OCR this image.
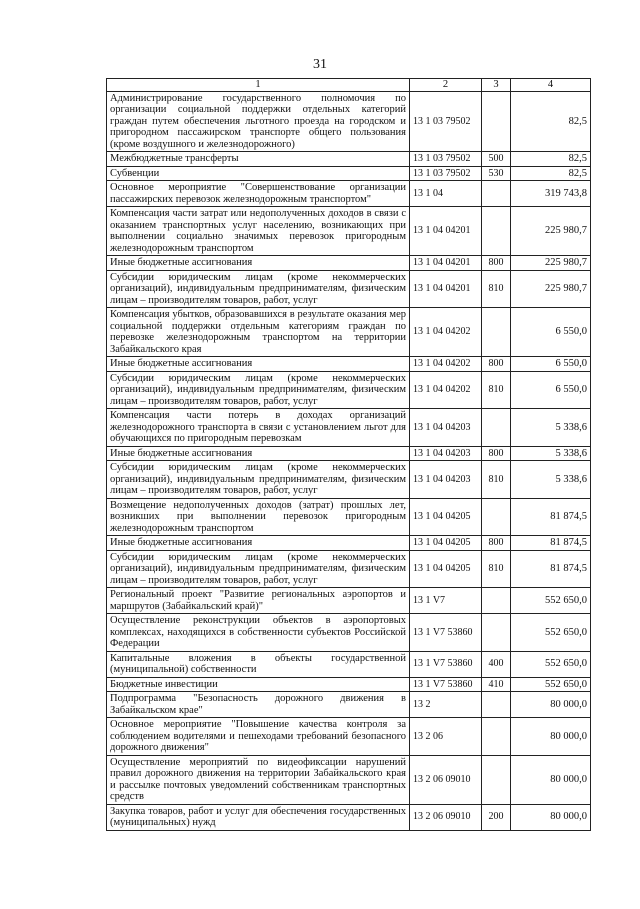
31
1	2	3	4
Администрирование государственного полномочия по организации социальной поддержки отдельных категорий граждан путем обеспечения льготного проезда на городском и пригородном пассажирском транспорте общего пользования (кроме воздушного и железнодорожного)	13 1 03 79502		82,5
Межбюджетные трансферты	13 1 03 79502	500	82,5
Субвенции	13 1 03 79502	530	82,5
Основное мероприятие "Совершенствование организации пассажирских перевозок железнодорожным транспортом"	13 1 04		319 743,8
Компенсация части затрат или недополученных доходов в связи с оказанием транспортных услуг населению, возникающих при выполнении социально значимых перевозок пригородным железнодорожным транспортом	13 1 04 04201		225 980,7
Иные бюджетные ассигнования	13 1 04 04201	800	225 980,7
Субсидии юридическим лицам (кроме некоммерческих организаций), индивидуальным предпринимателям, физическим лицам – производителям товаров, работ, услуг	13 1 04 04201	810	225 980,7
Компенсация убытков, образовавшихся в результате оказания мер социальной поддержки отдельным категориям граждан по перевозке железнодорожным транспортом на территории Забайкальского края	13 1 04 04202		6 550,0
Иные бюджетные ассигнования	13 1 04 04202	800	6 550,0
Субсидии юридическим лицам (кроме некоммерческих организаций), индивидуальным предпринимателям, физическим лицам – производителям товаров, работ, услуг	13 1 04 04202	810	6 550,0
Компенсация части потерь в доходах организаций железнодорожного транспорта в связи с установлением льгот для обучающихся по пригородным перевозкам	13 1 04 04203		5 338,6
Иные бюджетные ассигнования	13 1 04 04203	800	5 338,6
Субсидии юридическим лицам (кроме некоммерческих организаций), индивидуальным предпринимателям, физическим лицам – производителям товаров, работ, услуг	13 1 04 04203	810	5 338,6
Возмещение недополученных доходов (затрат) прошлых лет, возникших при выполнении перевозок пригородным железнодорожным транспортом	13 1 04 04205		81 874,5
Иные бюджетные ассигнования	13 1 04 04205	800	81 874,5
Субсидии юридическим лицам (кроме некоммерческих организаций), индивидуальным предпринимателям, физическим лицам – производителям товаров, работ, услуг	13 1 04 04205	810	81 874,5
Региональный проект "Развитие региональных аэропортов и маршрутов (Забайкальский край)"	13 1 V7		552 650,0
Осуществление реконструкции объектов в аэропортовых комплексах, находящихся в собственности субъектов Российской Федерации	13 1 V7 53860		552 650,0
Капитальные вложения в объекты государственной (муниципальной) собственности	13 1 V7 53860	400	552 650,0
Бюджетные инвестиции	13 1 V7 53860	410	552 650,0
Подпрограмма "Безопасность дорожного движения в Забайкальском крае"	13 2		80 000,0
Основное мероприятие "Повышение качества контроля за соблюдением водителями и пешеходами требований безопасного дорожного движения"	13 2 06		80 000,0
Осуществление мероприятий по видеофиксации нарушений правил дорожного движения на территории Забайкальского края и рассылке почтовых уведомлений собственникам транспортных средств	13 2 06 09010		80 000,0
Закупка товаров, работ и услуг для обеспечения государственных (муниципальных) нужд	13 2 06 09010	200	80 000,0
